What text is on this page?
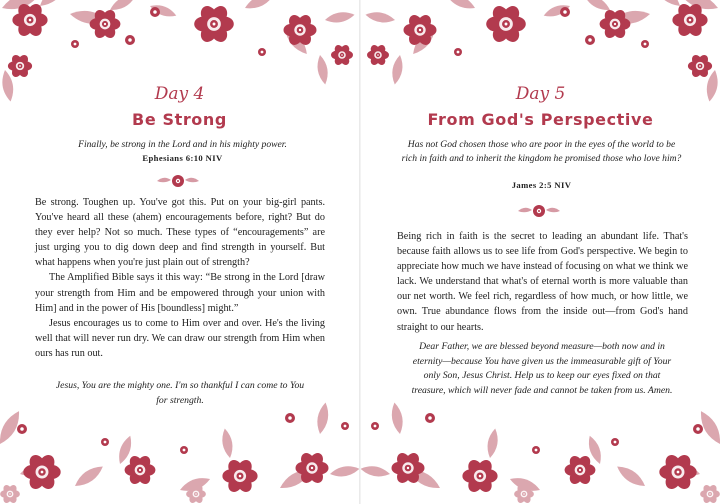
Day 4
Be Strong
Finally, be strong in the Lord and in his mighty power.
Ephesians 6:10 NIV

Be strong. Toughen up. You've got this. Put on your big-girl pants. You've heard all these (ahem) encouragements before, right? But do they ever help? Not so much. These types of “encouragements” are just urging you to dig down deep and find strength in yourself. But what happens when you're just plain out of strength?

The Amplified Bible says it this way: “Be strong in the Lord [draw your strength from Him and be empowered through your union with Him] and in the power of His [boundless] might.”

Jesus encourages us to come to Him over and over. He's the living well that will never run dry. We can draw our strength from Him when ours has run out.

Jesus, You are the mighty one. I'm so thankful I can come to You for strength.
Day 5
From God's Perspective
Has not God chosen those who are poor in the eyes of the world to be rich in faith and to inherit the kingdom he promised those who love him?
James 2:5 NIV

Being rich in faith is the secret to leading an abundant life. That's because faith allows us to see life from God's perspective. We begin to appreciate how much we have instead of focusing on what we think we lack. We understand that what's of eternal worth is more valuable than our net worth. We feel rich, regardless of how much, or how little, we own. True abundance flows from the inside out—from God's hand straight to our hearts.

Dear Father, we are blessed beyond measure—both now and in eternity—because You have given us the immeasurable gift of Your only Son, Jesus Christ. Help us to keep our eyes fixed on that treasure, which will never fade and cannot be taken from us. Amen.
